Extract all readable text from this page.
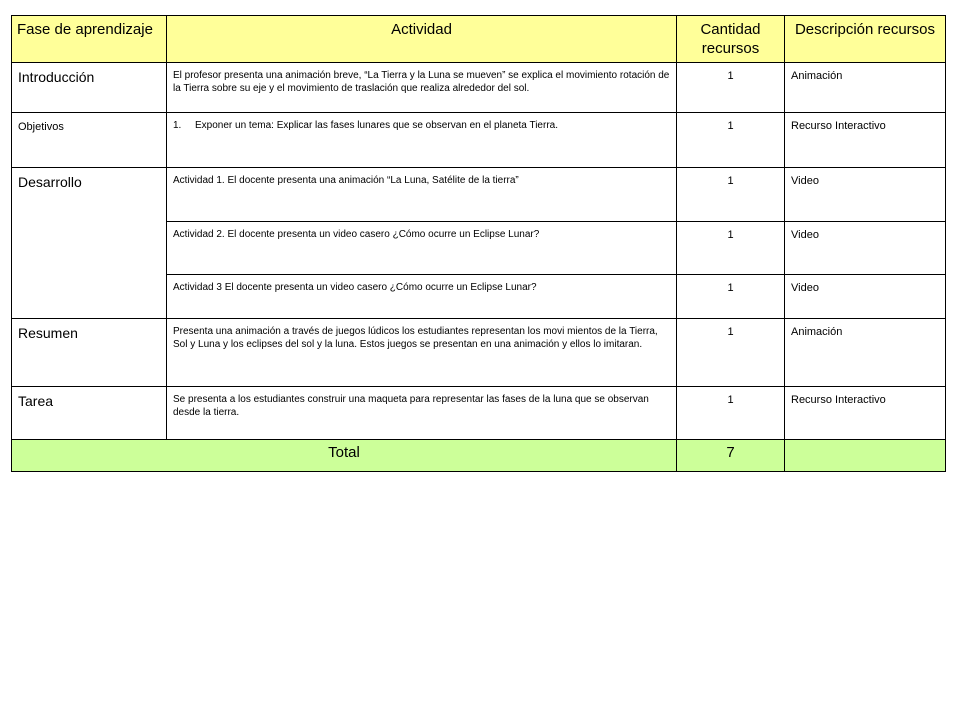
Fase de aprendizaje	Actividad	Cantidad recursos	Descripción recursos

Introducción	El profesor presenta una animación breve, “La Tierra y la Luna se mueven” se explica el movimiento rotación de la Tierra sobre su eje y el movimiento de traslación que realiza alrededor del sol.	1	Animación

Objetivos	1. Exponer un tema: Explicar las fases lunares que se observan en el planeta Tierra.	1	Recurso Interactivo

Desarrollo	Actividad 1. El docente presenta una animación “La Luna, Satélite de la tierra”	1	Video

	Actividad 2. El docente presenta un video casero ¿Cómo ocurre un Eclipse Lunar?	1	Video

	Actividad 3 El docente presenta un video casero ¿Cómo ocurre un Eclipse Lunar?	1	Video

Resumen	Presenta una animación a través de juegos lúdicos los estudiantes representan los movi mientos de la Tierra, Sol y Luna y los eclipses del sol y la luna. Estos juegos se presentan en una animación y ellos lo imitaran.	1	Animación

Tarea	Se presenta a los estudiantes construir una maqueta para representar las fases de la luna que se observan desde la tierra.	1	Recurso Interactivo

Total		7	
